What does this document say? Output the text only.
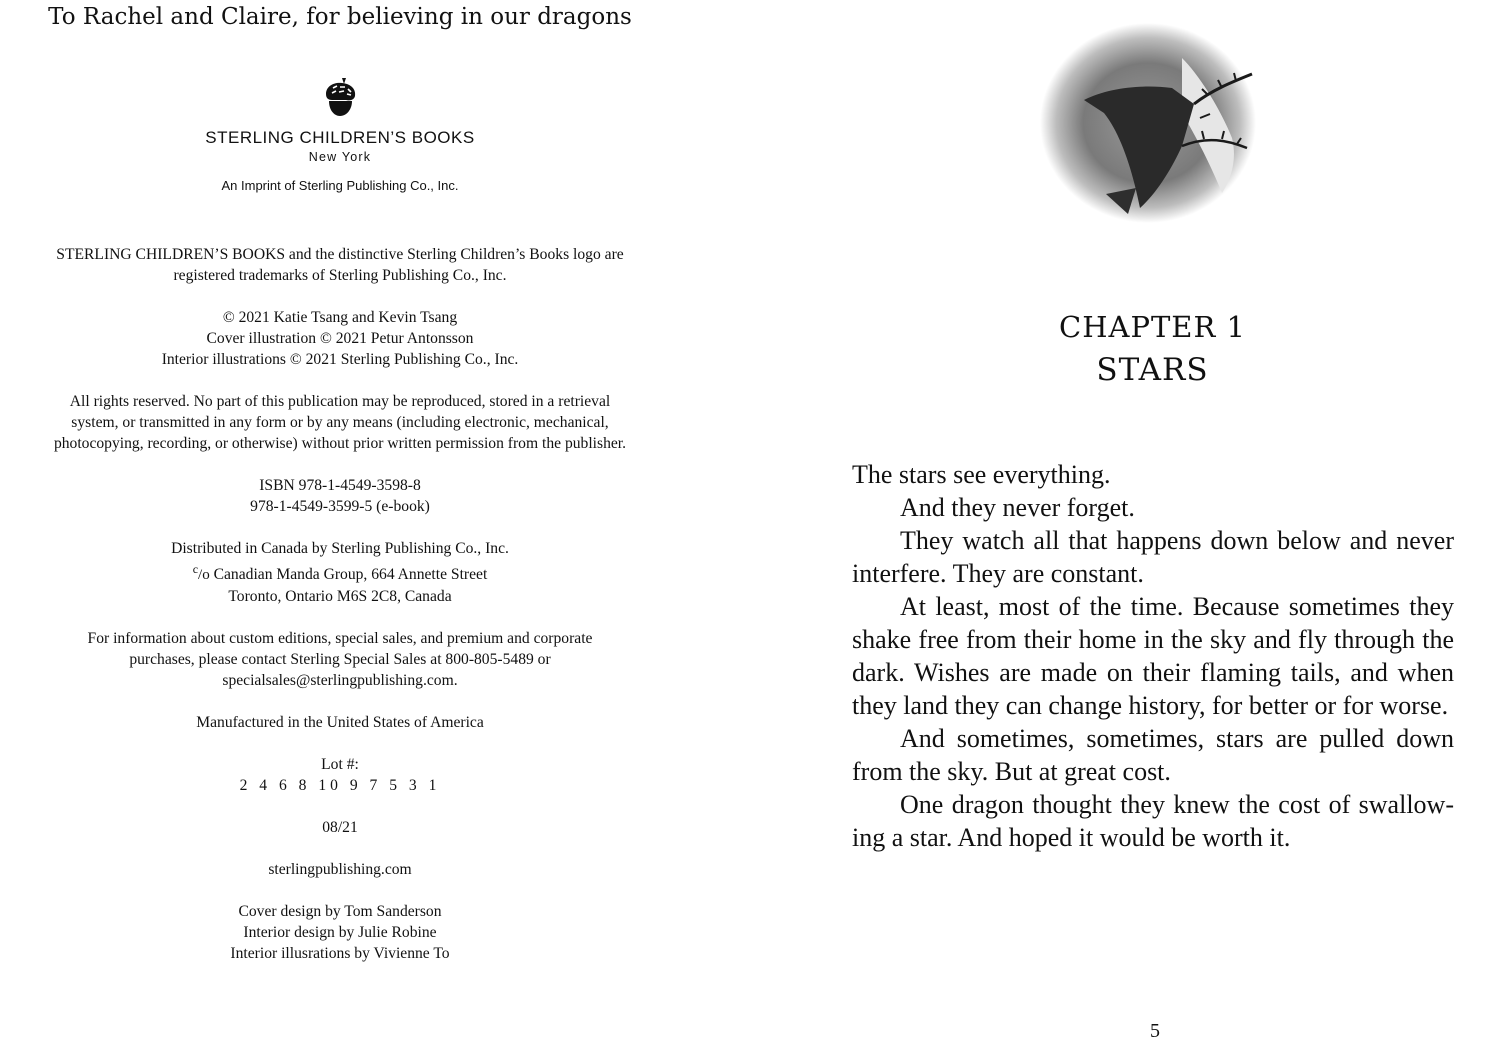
To Rachel and Claire, for believing in our dragons
STERLING CHILDREN’S BOOKS
New York
An Imprint of Sterling Publishing Co., Inc.

STERLING CHILDREN’S BOOKS and the distinctive Sterling Children’s Books logo are
registered trademarks of Sterling Publishing Co., Inc.

© 2021 Katie Tsang and Kevin Tsang
Cover illustration © 2021 Petur Antonsson
Interior illustrations © 2021 Sterling Publishing Co., Inc.

All rights reserved. No part of this publication may be reproduced, stored in a retrieval
system, or transmitted in any form or by any means (including electronic, mechanical,
photocopying, recording, or otherwise) without prior written permission from the publisher.

ISBN 978-1-4549-3598-8
978-1-4549-3599-5 (e-book)

Distributed in Canada by Sterling Publishing Co., Inc.
$^c$/o Canadian Manda Group, 664 Annette Street
Toronto, Ontario M6S 2C8, Canada

For information about custom editions, special sales, and premium and corporate
purchases, please contact Sterling Special Sales at 800-805-5489 or
specialsales@sterlingpublishing.com.

Manufactured in the United States of America

Lot #:
2 4 6 8 10 9 7 5 3 1

08/21

sterlingpublishing.com

Cover design by Tom Sanderson
Interior design by Julie Robine
Interior illusrations by Vivienne To

CHAPTER 1
STARS

The stars see everything.

And they never forget.

They watch all that happens down below and never interfere. They are constant.

At least, most of the time. Because sometimes they shake free from their home in the sky and fly through the dark. Wishes are made on their flaming tails, and when they land they can change history, for better or for worse.

And sometimes, sometimes, stars are pulled down from the sky. But at great cost.

One dragon thought they knew the cost of swallowing a star. And hoped it would be worth it.

5
